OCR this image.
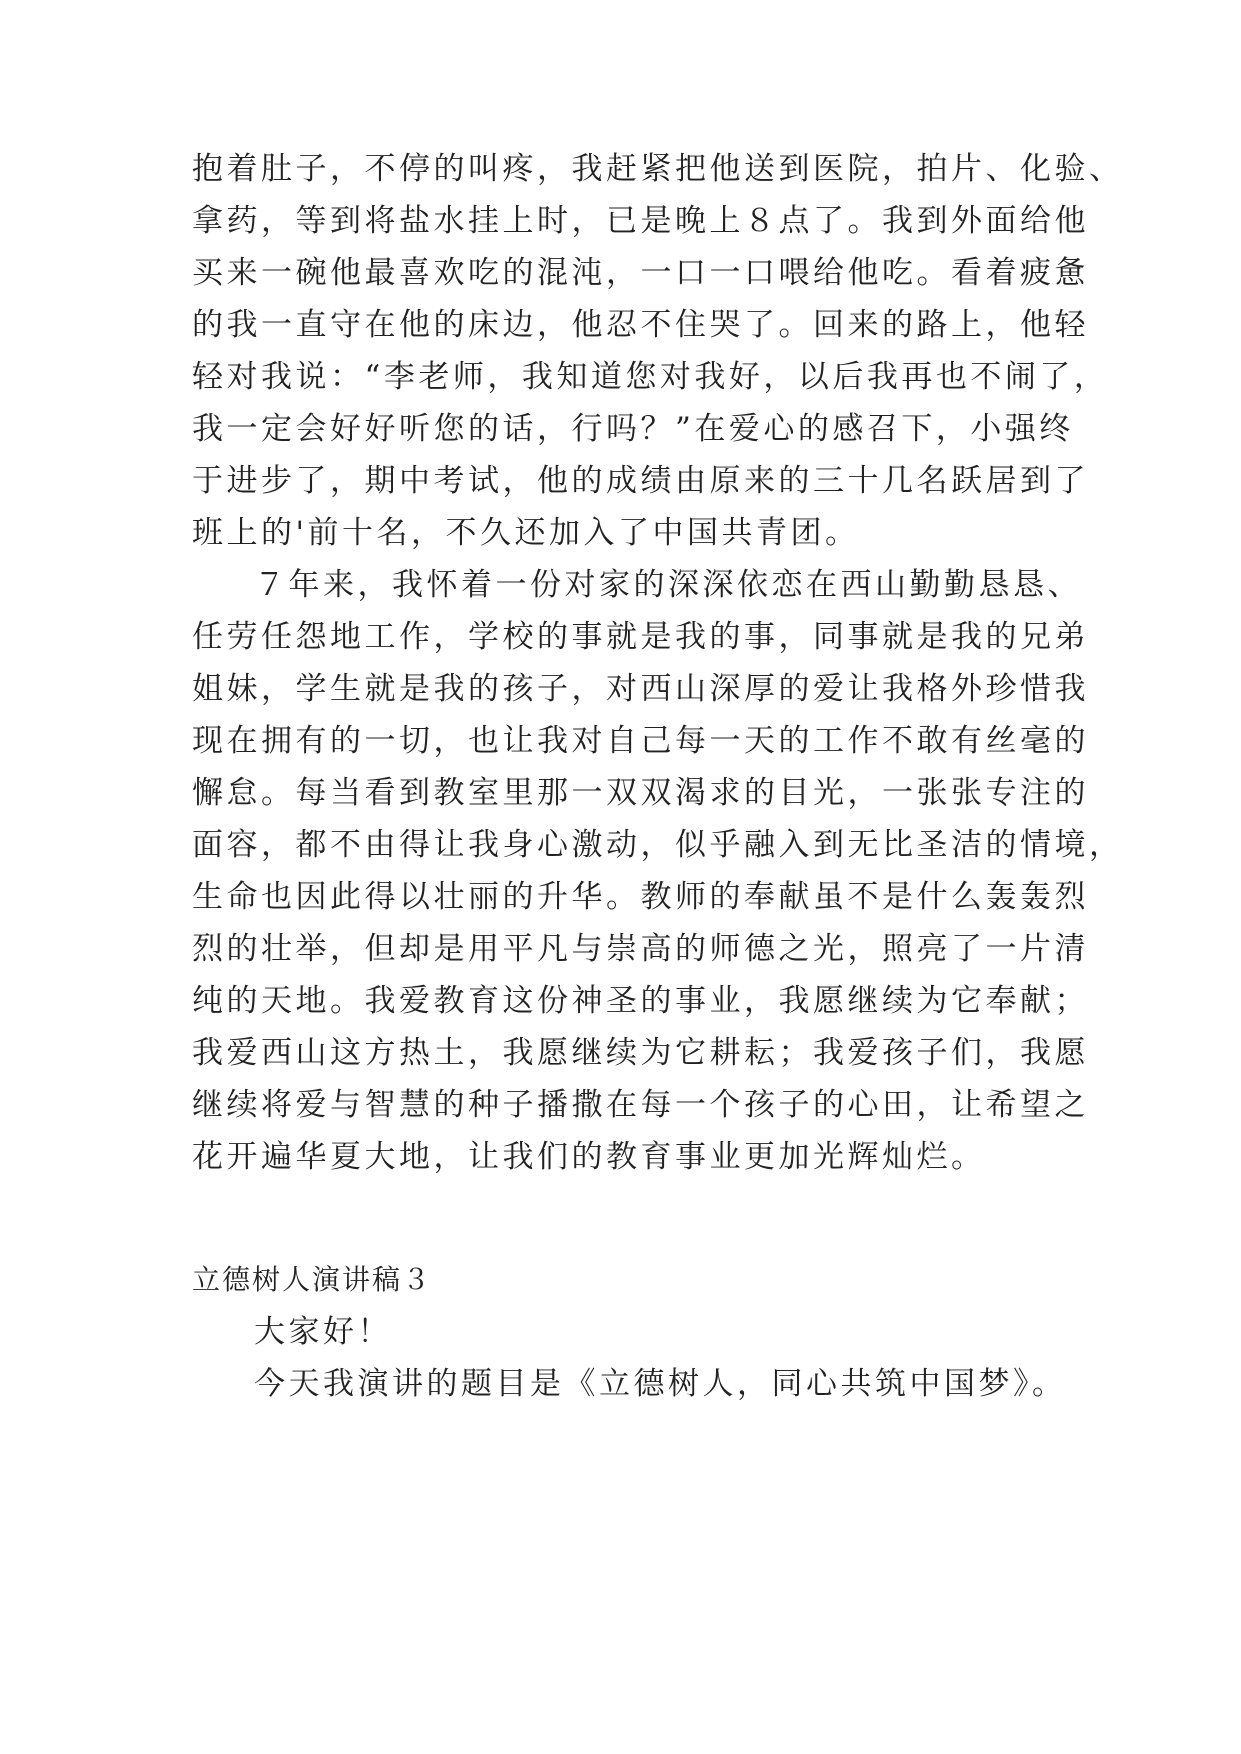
抱着肚子，不停的叫疼，我赶紧把他送到医院，拍片、化验、
拿药，等到将盐水挂上时，已是晚上８点了。我到外面给他
买来一碗他最喜欢吃的混沌，一口一口喂给他吃。看着疲惫
的我一直守在他的床边，他忍不住哭了。回来的路上，他轻
轻对我说：“李老师，我知道您对我好，以后我再也不闹了，
我一定会好好听您的话，行吗？”在爱心的感召下，小强终
于进步了，期中考试，他的成绩由原来的三十几名跃居到了
班上的'前十名，不久还加入了中国共青团。
７年来，我怀着一份对家的深深依恋在西山勤勤恳恳、
任劳任怨地工作，学校的事就是我的事，同事就是我的兄弟
姐妹，学生就是我的孩子，对西山深厚的爱让我格外珍惜我
现在拥有的一切，也让我对自己每一天的工作不敢有丝毫的
懈怠。每当看到教室里那一双双渴求的目光，一张张专注的
面容，都不由得让我身心激动，似乎融入到无比圣洁的情境，
生命也因此得以壮丽的升华。教师的奉献虽不是什么轰轰烈
烈的壮举，但却是用平凡与崇高的师德之光，照亮了一片清
纯的天地。我爱教育这份神圣的事业，我愿继续为它奉献；
我爱西山这方热土，我愿继续为它耕耘；我爱孩子们，我愿
继续将爱与智慧的种子播撒在每一个孩子的心田，让希望之
花开遍华夏大地，让我们的教育事业更加光辉灿烂。
立德树人演讲稿３
大家好！
今天我演讲的题目是《立德树人，同心共筑中国梦》。
